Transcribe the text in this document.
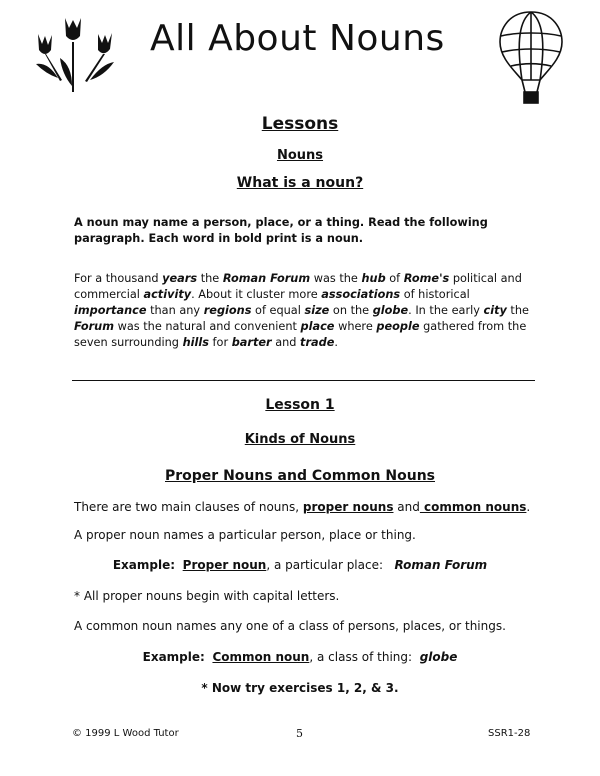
All About Nouns

Lessons

Nouns

What is a noun?

A noun may name a person, place, or a thing. Read the following paragraph. Each word in bold print is a noun.

For a thousand years the Roman Forum was the hub of Rome's political and commercial activity. About it cluster more associations of historical importance than any regions of equal size on the globe. In the early city the Forum was the natural and convenient place where people gathered from the seven surrounding hills for barter and trade.

Lesson 1

Kinds of Nouns

Proper Nouns and Common Nouns

There are two main clauses of nouns, proper nouns and common nouns.

A proper noun names a particular person, place or thing.

Example: Proper noun, a particular place:   Roman Forum

* All proper nouns begin with capital letters.

A common noun names any one of a class of persons, places, or things.

Example: Common noun, a class of thing:  globe

* Now try exercises 1, 2, & 3.

© 1999 L Wood Tutor	5	SSR1-28
